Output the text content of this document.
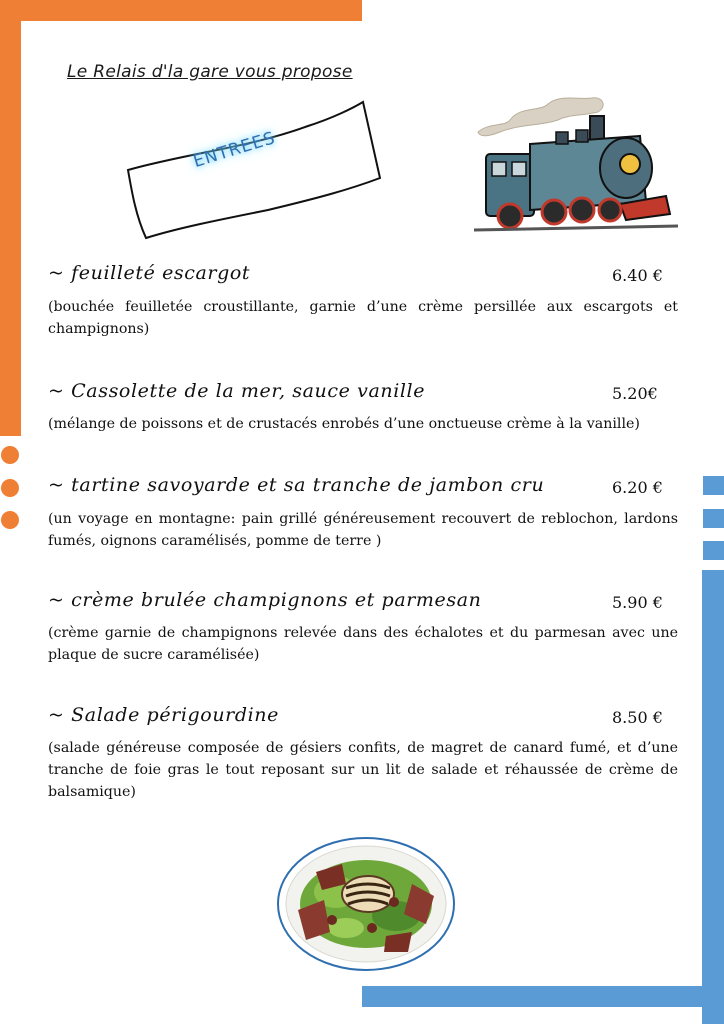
Le Relais d'la gare vous propose
ENTREES
~ feuilleté escargot	6.40 €
(bouchée feuilletée croustillante, garnie d’une crème persillée aux escargots et champignons)
~ Cassolette de la mer, sauce vanille	5.20€
(mélange de poissons et de crustacés enrobés d’une onctueuse crème à la vanille)
~ tartine savoyarde et sa tranche de jambon cru	6.20 €
(un voyage en montagne: pain grillé généreusement recouvert de reblochon, lardons fumés, oignons caramélisés, pomme de terre )
~ crème brulée champignons et parmesan	5.90 €
(crème garnie de champignons relevée dans des échalotes et du parmesan avec une plaque de sucre caramélisée)
~ Salade périgourdine	8.50 €
(salade généreuse composée de gésiers confits, de magret de canard fumé, et d’une tranche de foie gras le tout reposant sur un lit de salade et réhaussée de crème de balsamique)
